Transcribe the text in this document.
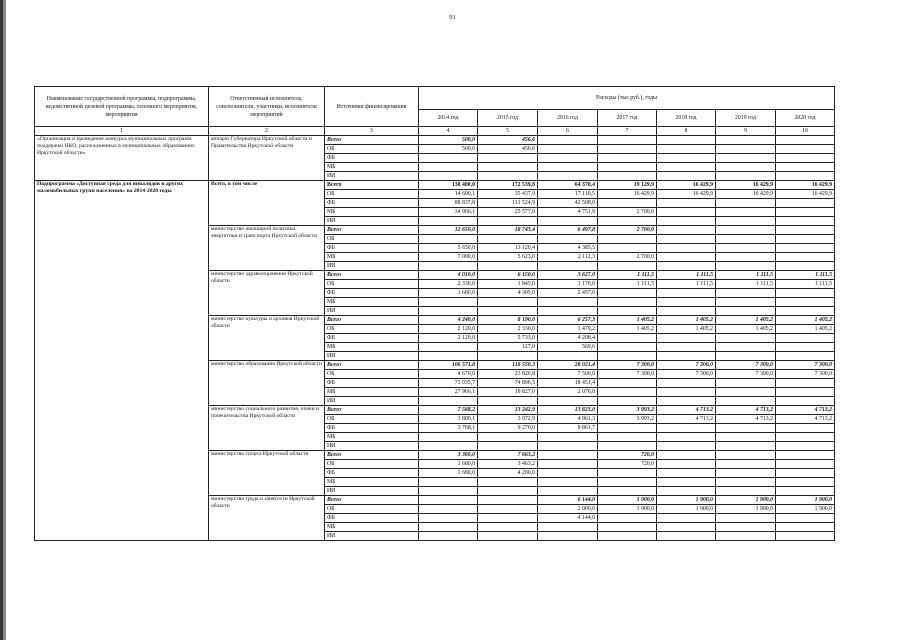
91
Наименование государственной программы, подпрограммы, ведомственной целевой программы, основного мероприятия, мероприятия	Ответственный исполнитель, соисполнители, участники, исполнители мероприятий	Источники финансирования	Расходы (тыс.руб.), годы						
			2014 год	2015 год	2016 год	2017 год	2018 год	2019 год	2020 год
1	2	3	4	5	6	7	8	9	10
«Организация и проведение конкурса муниципальных программ поддержки НКО, расположенных в муниципальных образованиях Иркутской области»	аппарат Губернатора Иркутской области и Правительства Иркутской области	Всего	500,0	456,6					
		ОБ	500,0	456,6					
		ФБ							
		МБ							
		ИИ							
Подпрограмма «Доступная среда для инвалидов и других маломобильных групп населения» на 2014-2020 годы	Всего, в том числе	Всего	138 400,0	172 539,8	64 370,4	19 129,9	16 429,9	16 429,9	16 429,9
		ОБ	14 600,1	35 437,9	17 110,5	16 429,9	16 429,9	16 429,9	16 429,9
		ФБ	88 837,8	111 524,9	42 508,0				
		МБ	34 966,1	25 577,0	4 751,9	2 700,0			
		ИИ							
	министерство жилищной политики, энергетики и транспорта Иркутской области	Всего	12 650,0	18 743,4	6 497,8	2 700,0			
		ОБ							
		ФБ	5 650,0	13 120,4	4 385,5				
		МБ	7 000,0	5 623,0	2 112,3	2 700,0			
		ИИ							
	министерство здравоохранения Иркутской области	Всего	4 010,0	6 150,0	3 627,0	1 111,5	1 111,5	1 111,5	1 111,5
		ОБ	2 330,0	1 845,0	1 170,0	1 111,5	1 111,5	1 111,5	1 111,5
		ФБ	1 680,0	4 305,0	2 457,0				
		МБ							
		ИИ							
	министерство культуры и архивов Иркутской области	Всего	4 240,0	8 190,0	6 257,3	1 405,2	1 405,2	1 405,2	1 405,2
		ОБ	2 120,0	2 330,0	1 479,2	1 405,2	1 405,2	1 405,2	1 405,2
		ФБ	2 120,0	5 733,0	4 208,4				
		МБ		127,0	569,6				
		ИИ							
	министерство образования Иркутской области	Всего	106 571,8	118 550,3	28 021,4	7 300,0	7 300,0	7 300,0	7 300,0
		ОБ	4 670,0	23 826,8	7 500,0	7 300,0	7 300,0	7 300,0	7 300,0
		ФБ	73 935,7	74 896,5	18 451,4				
		МБ	27 966,1	19 827,0	2 070,0				
		ИИ							
	министерство социального развития, опеки и попечительства Иркутской области	Всего	7 568,2	13 242,9	13 823,0	3 993,2	4 713,2	4 713,2	4 713,2
		ОБ	3 800,1	3 972,9	4 961,3	3 993,2	4 713,2	4 713,2	4 713,2
		ФБ	3 768,1	9 270,0	8 861,7				
		МБ							
		ИИ							
	министерство спорта Иркутской области	Всего	3 360,0	7 663,2		720,0			
		ОБ	1 680,0	3 463,2		720,0			
		ФБ	1 680,0	4 200,0					
		МБ							
		ИИ							
	министерство труда и занятости Иркутской области	Всего			6 144,0	1 900,0	1 900,0	1 900,0	1 900,0
		ОБ			2 000,0	1 900,0	1 900,0	1 900,0	1 900,0
		ФБ			4 144,0				
		МБ							
		ИИ							
